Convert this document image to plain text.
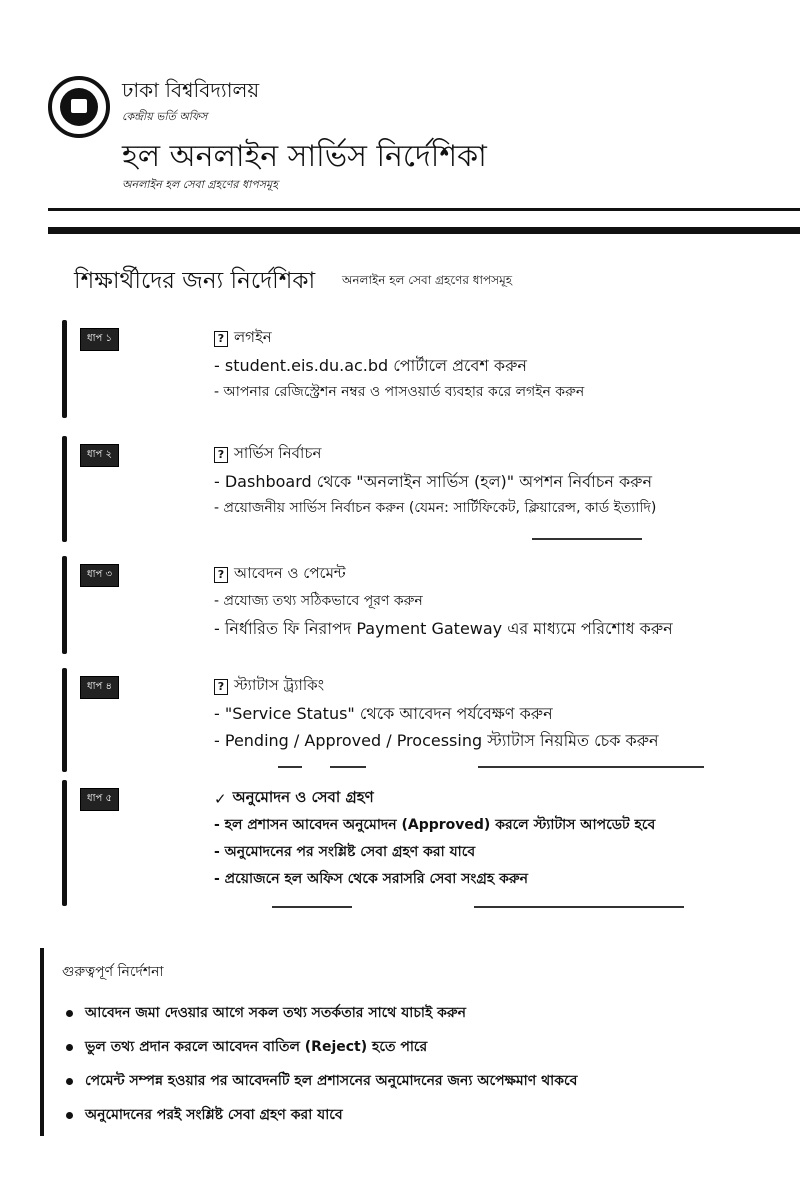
ঢাকা বিশ্ববিদ্যালয়
কেন্দ্রীয় ভর্তি অফিস
হল অনলাইন সার্ভিস নির্দেশিকা
অনলাইন হল সেবা গ্রহণের ধাপসমূহ
শিক্ষার্থীদের জন্য নির্দেশিকা অনলাইন হল সেবা গ্রহণের ধাপসমূহ
ধাপ ১	? লগইন
- student.eis.du.ac.bd পোর্টালে প্রবেশ করুন
- আপনার রেজিস্ট্রেশন নম্বর ও পাসওয়ার্ড ব্যবহার করে লগইন করুন
ধাপ ২	? সার্ভিস নির্বাচন
- Dashboard থেকে "অনলাইন সার্ভিস (হল)" অপশন নির্বাচন করুন
- প্রয়োজনীয় সার্ভিস নির্বাচন করুন (যেমন: সার্টিফিকেট, ক্লিয়ারেন্স, কার্ড ইত্যাদি)
ধাপ ৩	? আবেদন ও পেমেন্ট
- প্রযোজ্য তথ্য সঠিকভাবে পূরণ করুন
- নির্ধারিত ফি নিরাপদ Payment Gateway এর মাধ্যমে পরিশোধ করুন
ধাপ ৪	? স্ট্যাটাস ট্র্যাকিং
- "Service Status" থেকে আবেদন পর্যবেক্ষণ করুন
- Pending / Approved / Processing স্ট্যাটাস নিয়মিত চেক করুন
ধাপ ৫	✓ অনুমোদন ও সেবা গ্রহণ
- হল প্রশাসন আবেদন অনুমোদন (Approved) করলে স্ট্যাটাস আপডেট হবে
- অনুমোদনের পর সংশ্লিষ্ট সেবা গ্রহণ করা যাবে
- প্রয়োজনে হল অফিস থেকে সরাসরি সেবা সংগ্রহ করুন
গুরুত্বপূর্ণ নির্দেশনা
আবেদন জমা দেওয়ার আগে সকল তথ্য সতর্কতার সাথে যাচাই করুন
ভুল তথ্য প্রদান করলে আবেদন বাতিল (Reject) হতে পারে
পেমেন্ট সম্পন্ন হওয়ার পর আবেদনটি হল প্রশাসনের অনুমোদনের জন্য অপেক্ষমাণ থাকবে
অনুমোদনের পরই সংশ্লিষ্ট সেবা গ্রহণ করা যাবে
